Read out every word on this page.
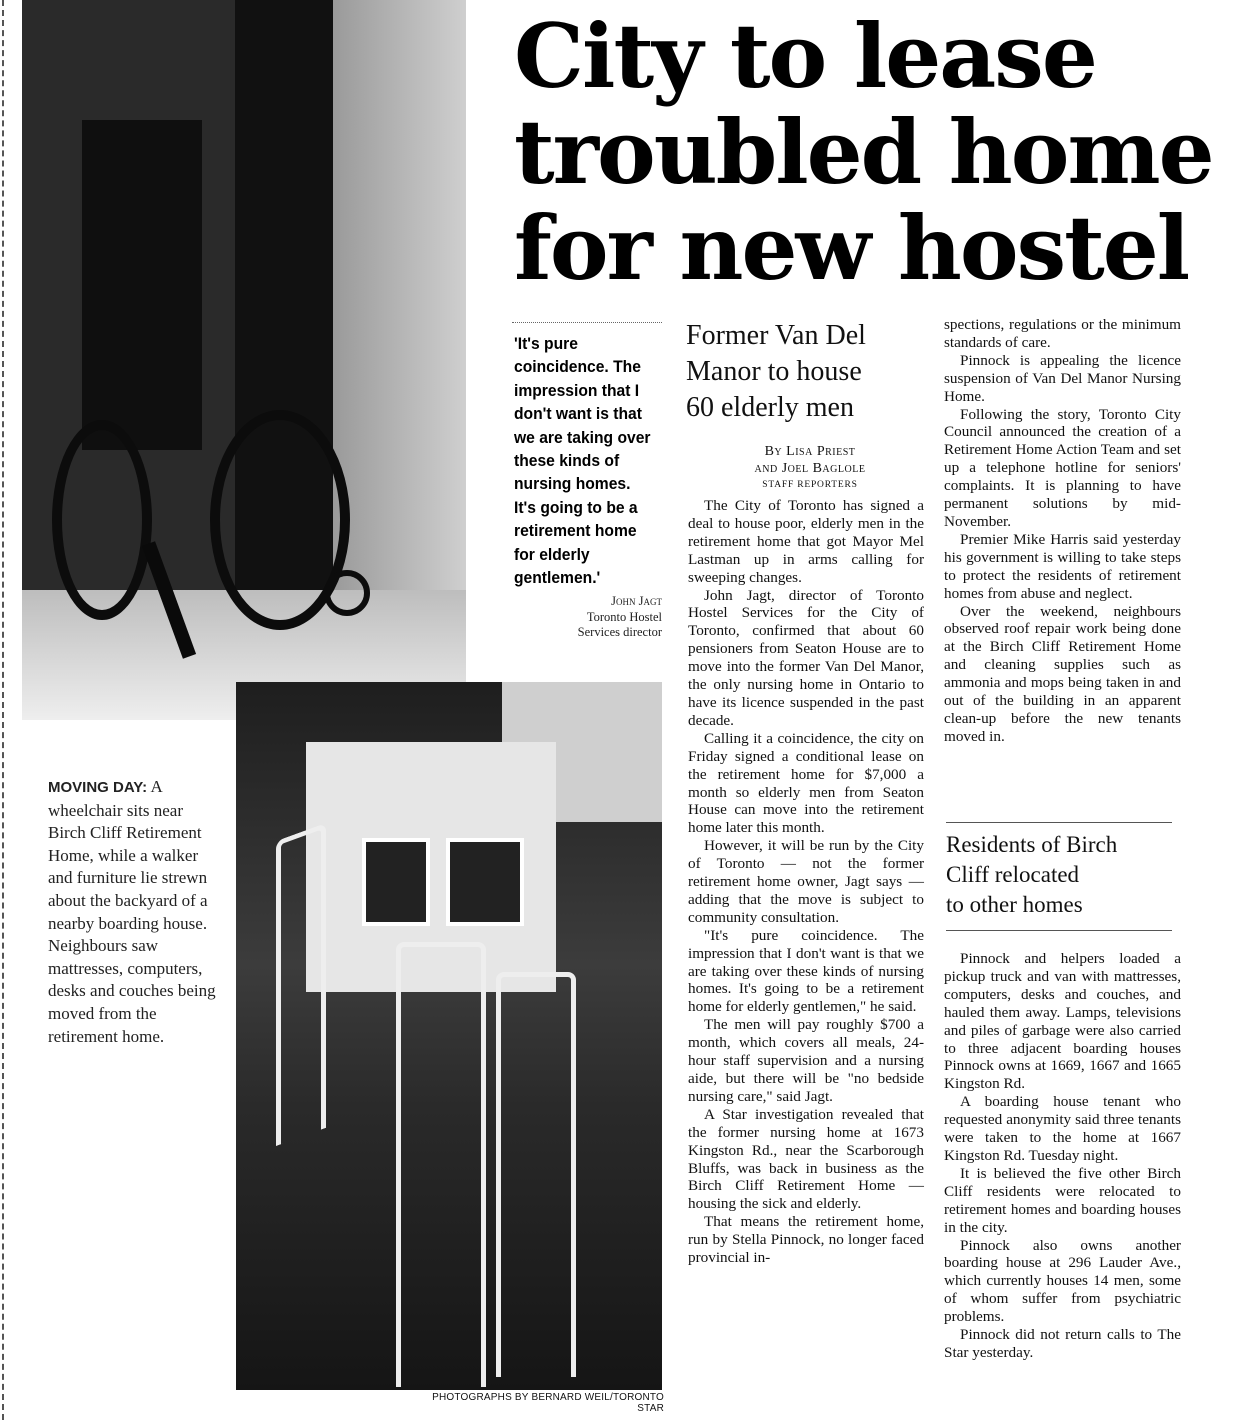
PHOTOGRAPHS BY BERNARD WEIL/TORONTO STAR
MOVING DAY: A wheelchair sits near Birch Cliff Retirement Home, while a walker and furniture lie strewn about the backyard of a nearby boarding house. Neighbours saw mattresses, computers, desks and couches being moved from the retirement home.
City to lease
troubled home
for new hostel
'It's pure coincidence. The impression that I don't want is that we are taking over these kinds of nursing homes. It's going to be a retirement home for elderly gentlemen.'
John Jagt
Toronto Hostel
Services director
Former Van Del
Manor to house
60 elderly men
By Lisa Priest
and Joel Baglole
STAFF REPORTERS

The City of Toronto has signed a deal to house poor, elderly men in the retirement home that got Mayor Mel Lastman up in arms calling for sweeping changes.

John Jagt, director of Toronto Hostel Services for the City of Toronto, confirmed that about 60 pensioners from Seaton House are to move into the former Van Del Manor, the only nursing home in Ontario to have its licence suspended in the past decade.

Calling it a coincidence, the city on Friday signed a conditional lease on the retirement home for $7,000 a month so elderly men from Seaton House can move into the retirement home later this month.

However, it will be run by the City of Toronto — not the former retirement home owner, Jagt says — adding that the move is subject to community consultation.

"It's pure coincidence. The impression that I don't want is that we are taking over these kinds of nursing homes. It's going to be a retirement home for elderly gentlemen," he said.

The men will pay roughly $700 a month, which covers all meals, 24-hour staff supervision and a nursing aide, but there will be "no bedside nursing care," said Jagt.

A Star investigation revealed that the former nursing home at 1673 Kingston Rd., near the Scarborough Bluffs, was back in business as the Birch Cliff Retirement Home — housing the sick and elderly.

That means the retirement home, run by Stella Pinnock, no longer faced provincial in-

spections, regulations or the minimum standards of care.

Pinnock is appealing the licence suspension of Van Del Manor Nursing Home.

Following the story, Toronto City Council announced the creation of a Retirement Home Action Team and set up a telephone hotline for seniors' complaints. It is planning to have permanent solutions by mid-November.

Premier Mike Harris said yesterday his government is willing to take steps to protect the residents of retirement homes from abuse and neglect.

Over the weekend, neighbours observed roof repair work being done at the Birch Cliff Retirement Home and cleaning supplies such as ammonia and mops being taken in and out of the building in an apparent clean-up before the new tenants moved in.

Residents of Birch
Cliff relocated
to other homes

Pinnock and helpers loaded a pickup truck and van with mattresses, computers, desks and couches, and hauled them away. Lamps, televisions and piles of garbage were also carried to three adjacent boarding houses Pinnock owns at 1669, 1667 and 1665 Kingston Rd.

A boarding house tenant who requested anonymity said three tenants were taken to the home at 1667 Kingston Rd. Tuesday night.

It is believed the five other Birch Cliff residents were relocated to retirement homes and boarding houses in the city.

Pinnock also owns another boarding house at 296 Lauder Ave., which currently houses 14 men, some of whom suffer from psychiatric problems.

Pinnock did not return calls to The Star yesterday.
